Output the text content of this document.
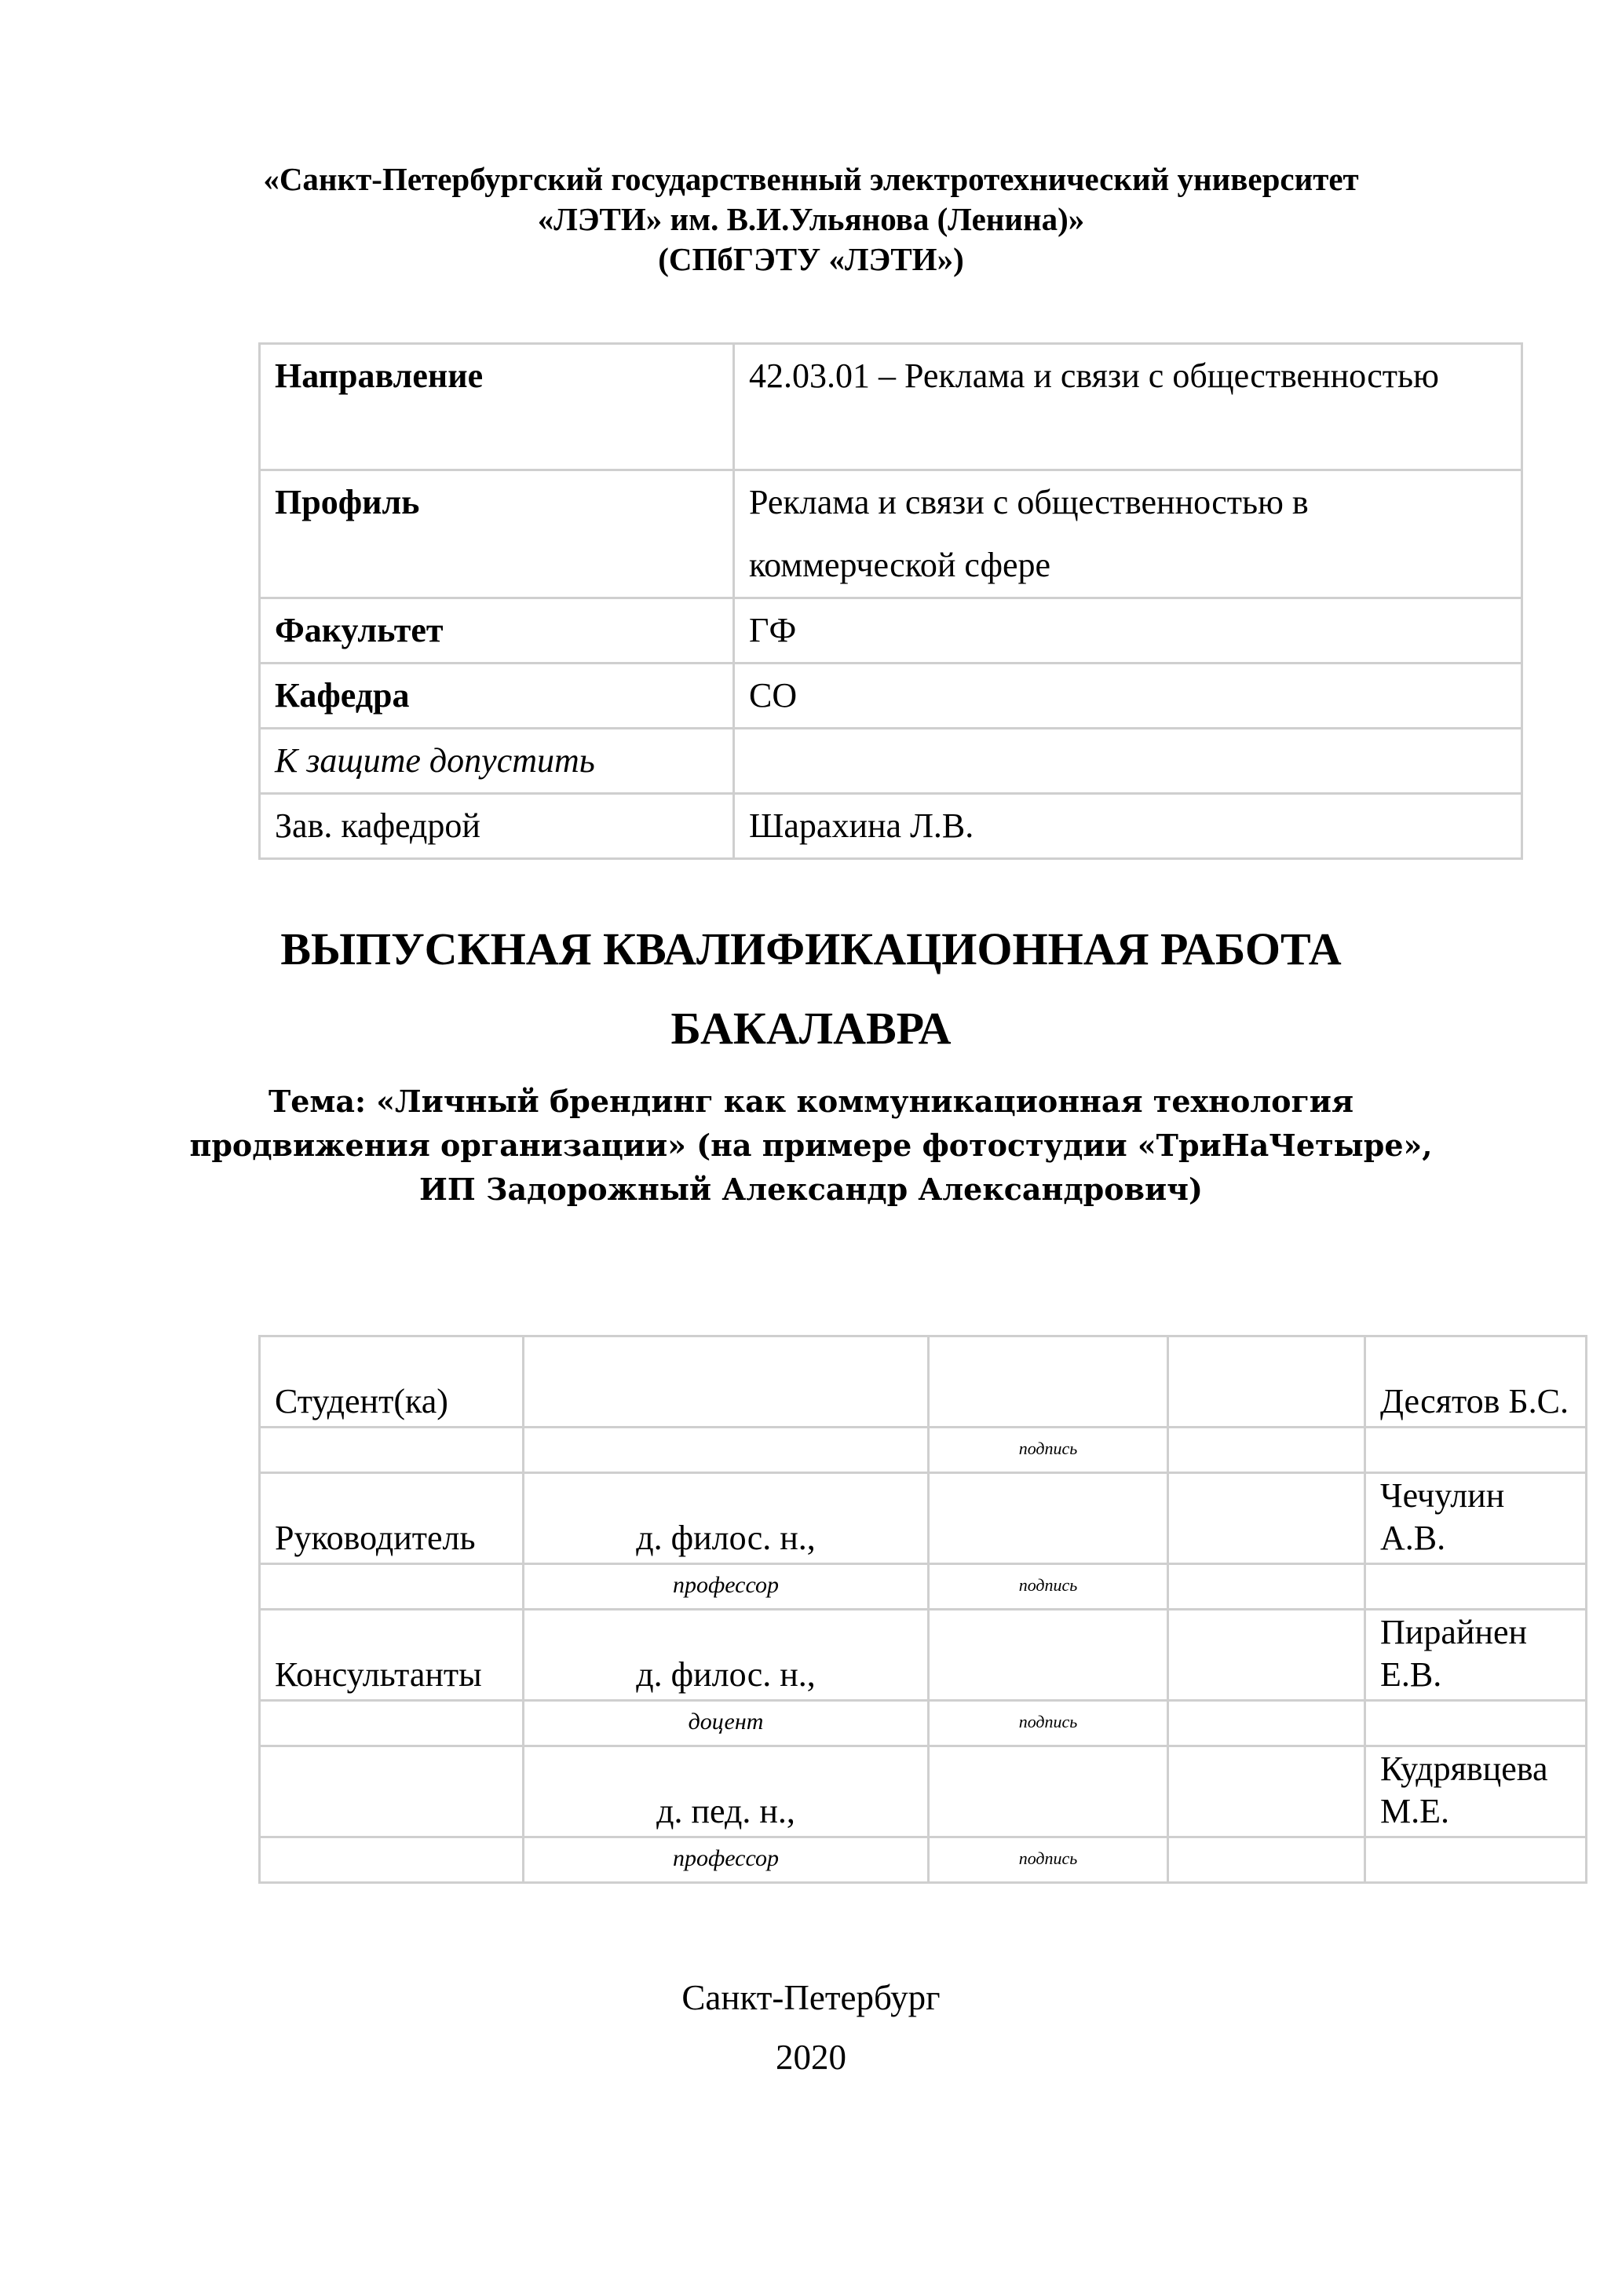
«Санкт-Петербургский государственный электротехнический университет
«ЛЭТИ» им. В.И.Ульянова (Ленина)»
(СПбГЭТУ «ЛЭТИ»)
Направление	42.03.01 – Реклама и связи с общественностью
Профиль	Реклама и связи с общественностью в коммерческой сфере
Факультет	ГФ
Кафедра	СО
К защите допустить	
Зав. кафедрой	Шарахина Л.В.
ВЫПУСКНАЯ КВАЛИФИКАЦИОННАЯ РАБОТА
БАКАЛАВРА
Тема: «Личный брендинг как коммуникационная технология
продвижения организации» (на примере фотостудии «ТриНаЧетыре»,
ИП Задорожный Александр Александрович)
Студент(ка)				Десятов Б.С.
		подпись		
Руководитель	д. филос. н.,			Чечулин А.В.
	профессор	подпись		
Консультанты	д. филос. н.,			Пирайнен Е.В.
	доцент	подпись		
	д. пед. н.,			Кудрявцева М.Е.
	профессор	подпись		
Санкт-Петербург
2020
